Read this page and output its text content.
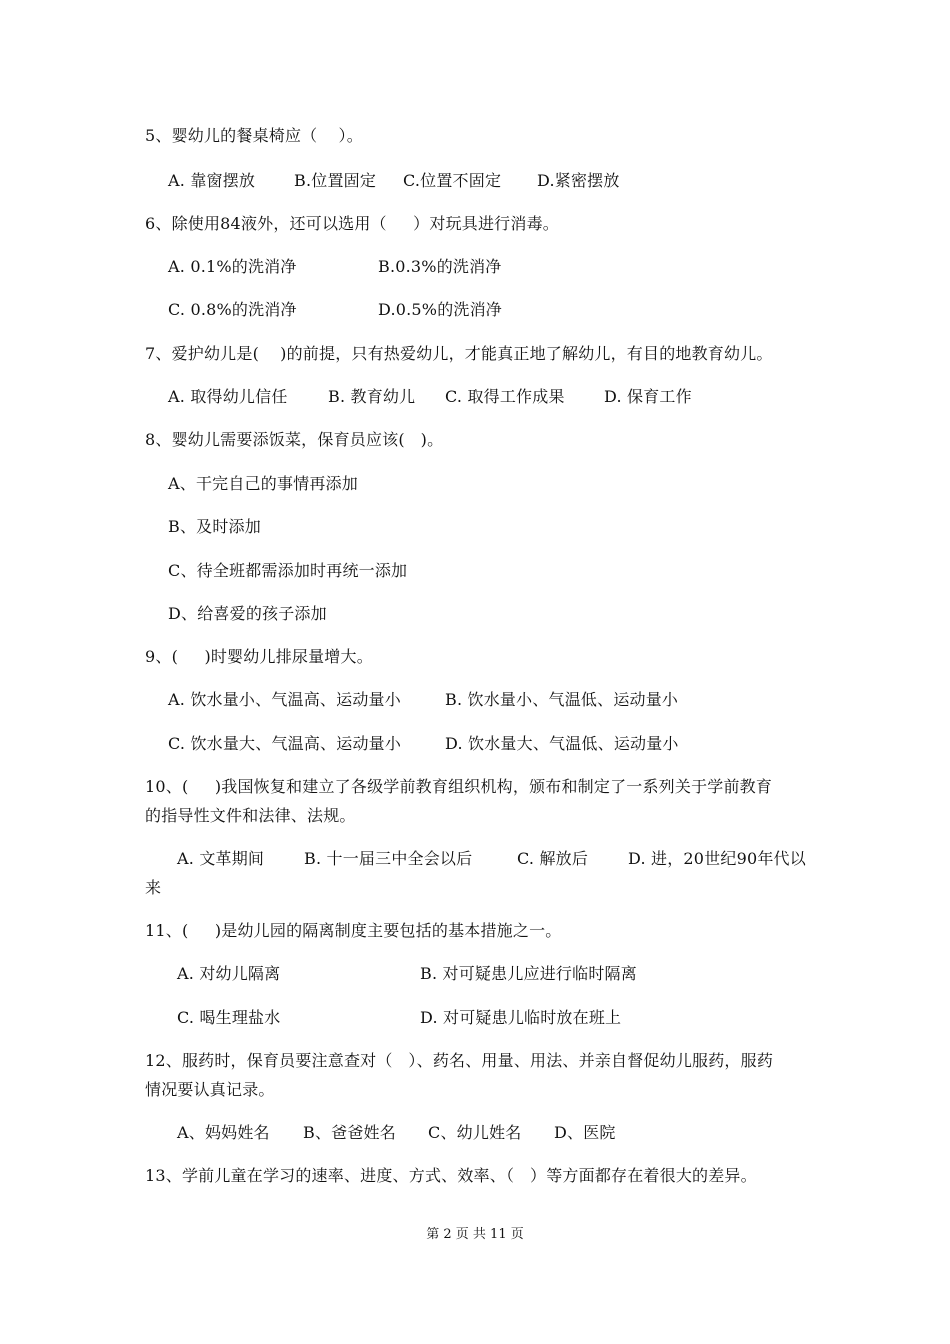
5、婴幼儿的餐桌椅应（    ）。
A. 靠窗摆放 B.位置固定 C.位置不固定 D.紧密摆放
6、除使用84液外，还可以选用（     ）对玩具进行消毒。
A. 0.1%的洗消净	B.0.3%的洗消净
C. 0.8%的洗消净	D.0.5%的洗消净
7、爱护幼儿是(    )的前提，只有热爱幼儿，才能真正地了解幼儿，有目的地教育幼儿。
A. 取得幼儿信任	B. 教育幼儿 C. 取得工作成果 D. 保育工作
8、婴幼儿需要添饭菜，保育员应该(   )。
A、干完自己的事情再添加
B、及时添加
C、待全班都需添加时再统一添加
D、给喜爱的孩子添加
9、(     )时婴幼儿排尿量增大。
A. 饮水量小、气温高、运动量小	B. 饮水量小、气温低、运动量小
C. 饮水量大、气温高、运动量小	D. 饮水量大、气温低、运动量小
10、(     )我国恢复和建立了各级学前教育组织机构，颁布和制定了一系列关于学前教育
的指导性文件和法律、法规。
A. 文革期间 B. 十一届三中全会以后	C. 解放后 D. 进，20世纪90年代以
来
11、(     )是幼儿园的隔离制度主要包括的基本措施之一。
A. 对幼儿隔离	B. 对可疑患儿应进行临时隔离
C. 喝生理盐水	D. 对可疑患儿临时放在班上
12、服药时，保育员要注意查对（   ）、药名、用量、用法、并亲自督促幼儿服药，服药
情况要认真记录。
A、妈妈姓名 B、爸爸姓名 C、幼儿姓名 D、医院
13、学前儿童在学习的速率、进度、方式、效率、（   ）等方面都存在着很大的差异。
第 2 页 共 11 页
